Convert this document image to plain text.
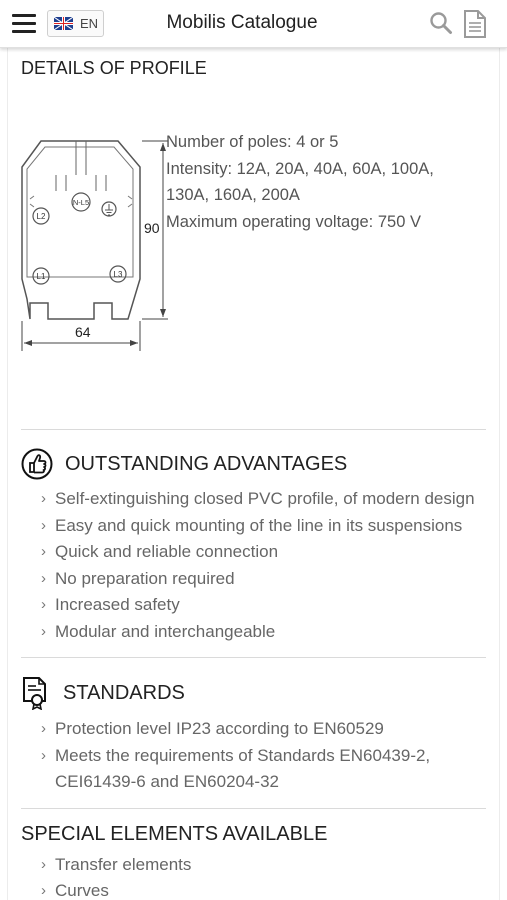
EN	Mobilis Catalogue
DETAILS OF PROFILE
N-L5
L2
L1	L3
90
64
Number of poles: 4 or 5
Intensity: 12A, 20A, 40A, 60A, 100A,
130A, 160A, 200A
Maximum operating voltage: 750 V
OUTSTANDING ADVANTAGES
› Self-extinguishing closed PVC profile, of modern design
› Easy and quick mounting of the line in its suspensions
› Quick and reliable connection
› No preparation required
› Increased safety
› Modular and interchangeable
STANDARDS
› Protection level IP23 according to EN60529
› Meets the requirements of Standards EN60439-2, CEI61439-6 and EN60204-32
SPECIAL ELEMENTS AVAILABLE
› Transfer elements
› Curves
